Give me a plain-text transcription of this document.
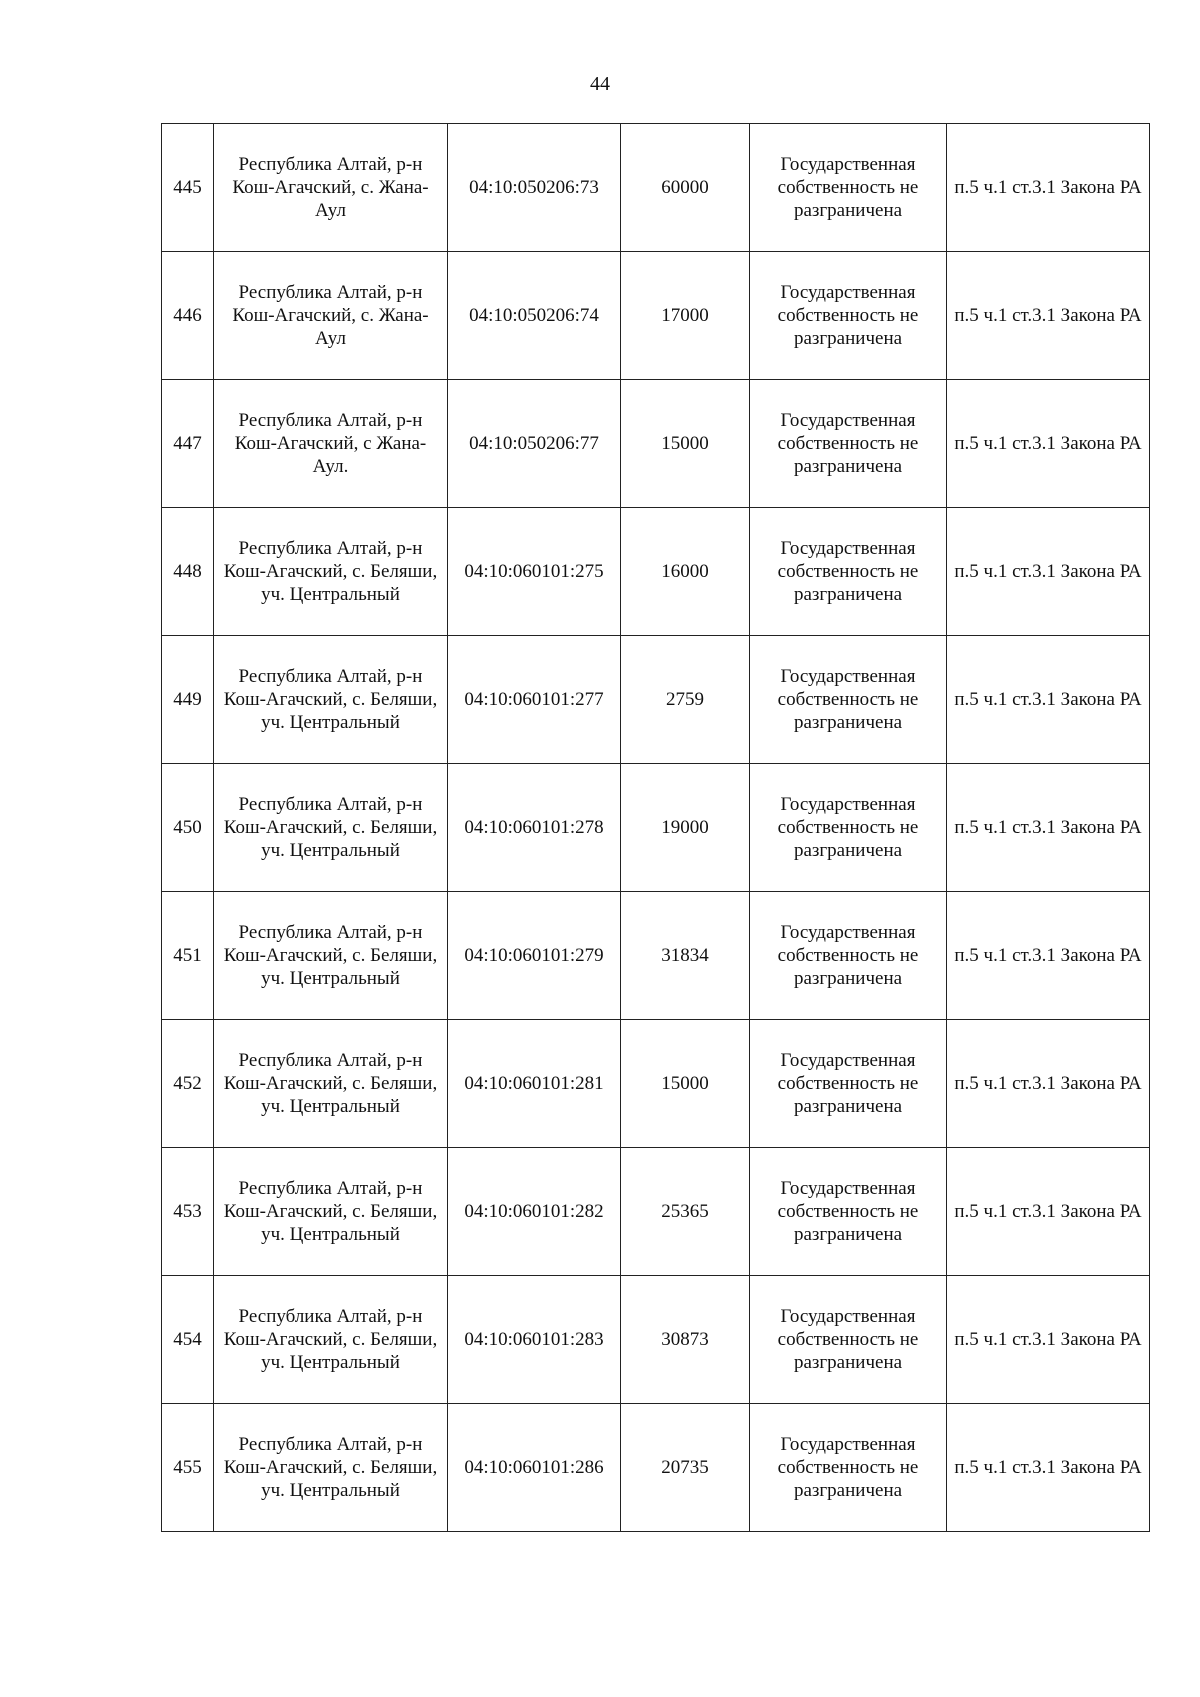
44
445	Республика Алтай, р-н Кош-Агачский, с. Жана-Аул	04:10:050206:73	60000	Государственная собственность не разграничена	п.5 ч.1 ст.3.1 Закона РА
446	Республика Алтай, р-н Кош-Агачский, с. Жана-Аул	04:10:050206:74	17000	Государственная собственность не разграничена	п.5 ч.1 ст.3.1 Закона РА
447	Республика Алтай, р-н Кош-Агачский, с Жана-Аул.	04:10:050206:77	15000	Государственная собственность не разграничена	п.5 ч.1 ст.3.1 Закона РА
448	Республика Алтай, р-н Кош-Агачский, с. Беляши, уч. Центральный	04:10:060101:275	16000	Государственная собственность не разграничена	п.5 ч.1 ст.3.1 Закона РА
449	Республика Алтай, р-н Кош-Агачский, с. Беляши, уч. Центральный	04:10:060101:277	2759	Государственная собственность не разграничена	п.5 ч.1 ст.3.1 Закона РА
450	Республика Алтай, р-н Кош-Агачский, с. Беляши, уч. Центральный	04:10:060101:278	19000	Государственная собственность не разграничена	п.5 ч.1 ст.3.1 Закона РА
451	Республика Алтай, р-н Кош-Агачский, с. Беляши, уч. Центральный	04:10:060101:279	31834	Государственная собственность не разграничена	п.5 ч.1 ст.3.1 Закона РА
452	Республика Алтай, р-н Кош-Агачский, с. Беляши, уч. Центральный	04:10:060101:281	15000	Государственная собственность не разграничена	п.5 ч.1 ст.3.1 Закона РА
453	Республика Алтай, р-н Кош-Агачский, с. Беляши, уч. Центральный	04:10:060101:282	25365	Государственная собственность не разграничена	п.5 ч.1 ст.3.1 Закона РА
454	Республика Алтай, р-н Кош-Агачский, с. Беляши, уч. Центральный	04:10:060101:283	30873	Государственная собственность не разграничена	п.5 ч.1 ст.3.1 Закона РА
455	Республика Алтай, р-н Кош-Агачский, с. Беляши, уч. Центральный	04:10:060101:286	20735	Государственная собственность не разграничена	п.5 ч.1 ст.3.1 Закона РА
